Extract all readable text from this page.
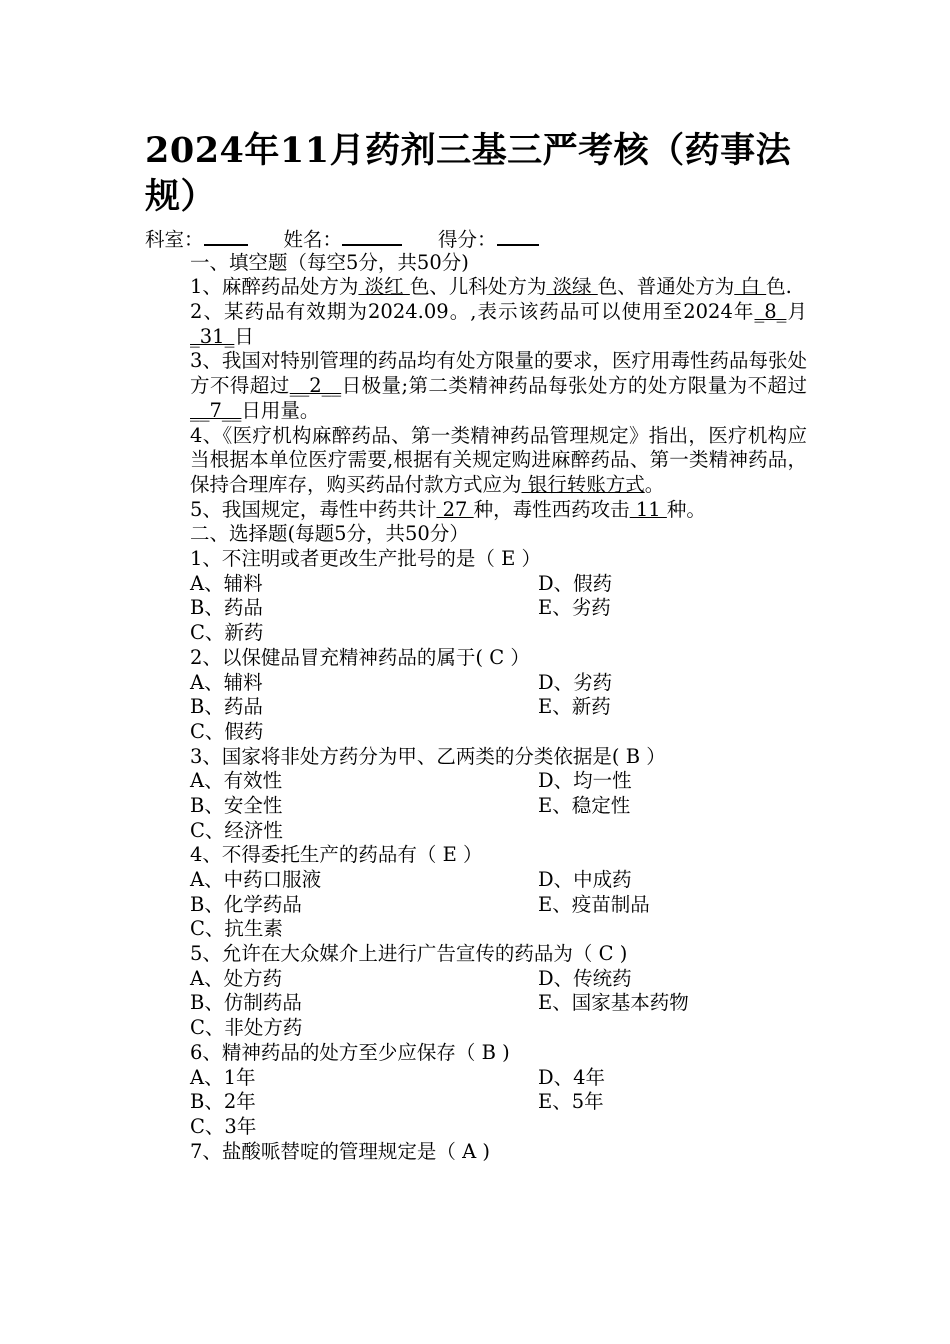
2024年11月药剂三基三严考核（药事法规）
科室：	姓名：	得分：
一、填空题（每空5分，共50分)
1、麻醉药品处方为 淡红 色、儿科处方为 淡绿 色、普通处方为 白 色.
2、某药品有效期为2024.09。,表示该药品可以使用至2024年_8_月_31_日
3、我国对特别管理的药品均有处方限量的要求，医疗用毒性药品每张处方不得超过__2__日极量;第二类精神药品每张处方的处方限量为不超过__7__日用量。
4、《医疗机构麻醉药品、第一类精神药品管理规定》指出，医疗机构应当根据本单位医疗需要,根据有关规定购进麻醉药品、第一类精神药品，保持合理库存，购买药品付款方式应为 银行转账方式。
5、我国规定，毒性中药共计 27 种，毒性西药攻击 11 种。
二、选择题(每题5分，共50分）
1、不注明或者更改生产批号的是（ E ）
A、辅料	D、假药
B、药品	E、劣药
C、新药
2、以保健品冒充精神药品的属于( C ）
A、辅料	D、劣药
B、药品	E、新药
C、假药
3、国家将非处方药分为甲、乙两类的分类依据是( B ）
A、有效性	D、均一性
B、安全性	E、稳定性
C、经济性
4、不得委托生产的药品有（ E ）
A、中药口服液	D、中成药
B、化学药品	E、疫苗制品
C、抗生素
5、允许在大众媒介上进行广告宣传的药品为（ C )
A、处方药	D、传统药
B、仿制药品	E、国家基本药物
C、非处方药
6、精神药品的处方至少应保存（ B )
A、1年	D、4年
B、2年	E、5年
C、3年
7、盐酸哌替啶的管理规定是（ A )
